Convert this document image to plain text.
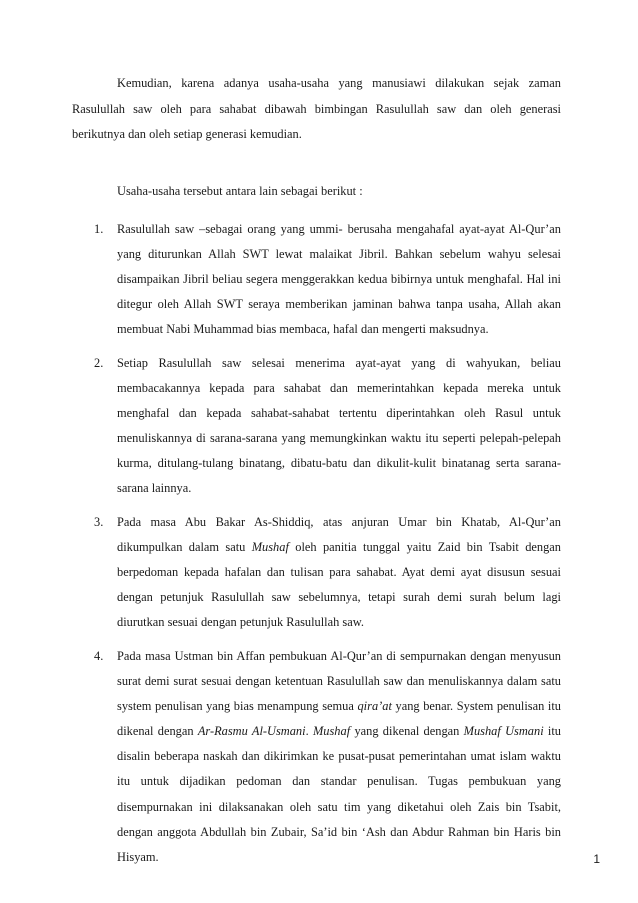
Kemudian, karena adanya usaha-usaha yang manusiawi dilakukan sejak zaman Rasulullah saw oleh para sahabat dibawah bimbingan Rasulullah saw dan oleh generasi berikutnya dan oleh setiap generasi kemudian.

Usaha-usaha tersebut antara lain sebagai berikut :

1. Rasulullah saw –sebagai orang yang ummi- berusaha mengahafal ayat-ayat Al-Qur’an yang diturunkan Allah SWT lewat malaikat Jibril. Bahkan sebelum wahyu selesai disampaikan Jibril beliau segera menggerakkan kedua bibirnya untuk menghafal. Hal ini ditegur oleh Allah SWT seraya memberikan jaminan bahwa tanpa usaha, Allah akan membuat Nabi Muhammad bias membaca, hafal dan mengerti maksudnya.
2. Setiap Rasulullah saw selesai menerima ayat-ayat yang di wahyukan, beliau membacakannya kepada para sahabat dan memerintahkan kepada mereka untuk menghafal dan kepada sahabat-sahabat tertentu diperintahkan oleh Rasul untuk menuliskannya di sarana-sarana yang memungkinkan waktu itu seperti pelepah-pelepah kurma, ditulang-tulang binatang, dibatu-batu dan dikulit-kulit binatanag serta sarana-sarana lainnya.
3. Pada masa Abu Bakar As-Shiddiq, atas anjuran Umar bin Khatab, Al-Qur’an dikumpulkan dalam satu Mushaf oleh panitia tunggal yaitu Zaid bin Tsabit dengan berpedoman kepada hafalan dan tulisan para sahabat. Ayat demi ayat disusun sesuai dengan petunjuk Rasulullah saw sebelumnya, tetapi surah demi surah belum lagi diurutkan sesuai dengan petunjuk Rasulullah saw.
4. Pada masa Ustman bin Affan pembukuan Al-Qur’an di sempurnakan dengan menyusun surat demi surat sesuai dengan ketentuan Rasulullah saw dan menuliskannya dalam satu system penulisan yang bias menampung semua qira’at yang benar. System penulisan itu dikenal dengan Ar-Rasmu Al-Usmani. Mushaf yang dikenal dengan Mushaf Usmani itu disalin beberapa naskah dan dikirimkan ke pusat-pusat pemerintahan umat islam waktu itu untuk dijadikan pedoman dan standar penulisan. Tugas pembukuan yang disempurnakan ini dilaksanakan oleh satu tim yang diketahui oleh Zais bin Tsabit, dengan anggota Abdullah bin Zubair, Sa’id bin ‘Ash dan Abdur Rahman bin Haris bin Hisyam.	1
